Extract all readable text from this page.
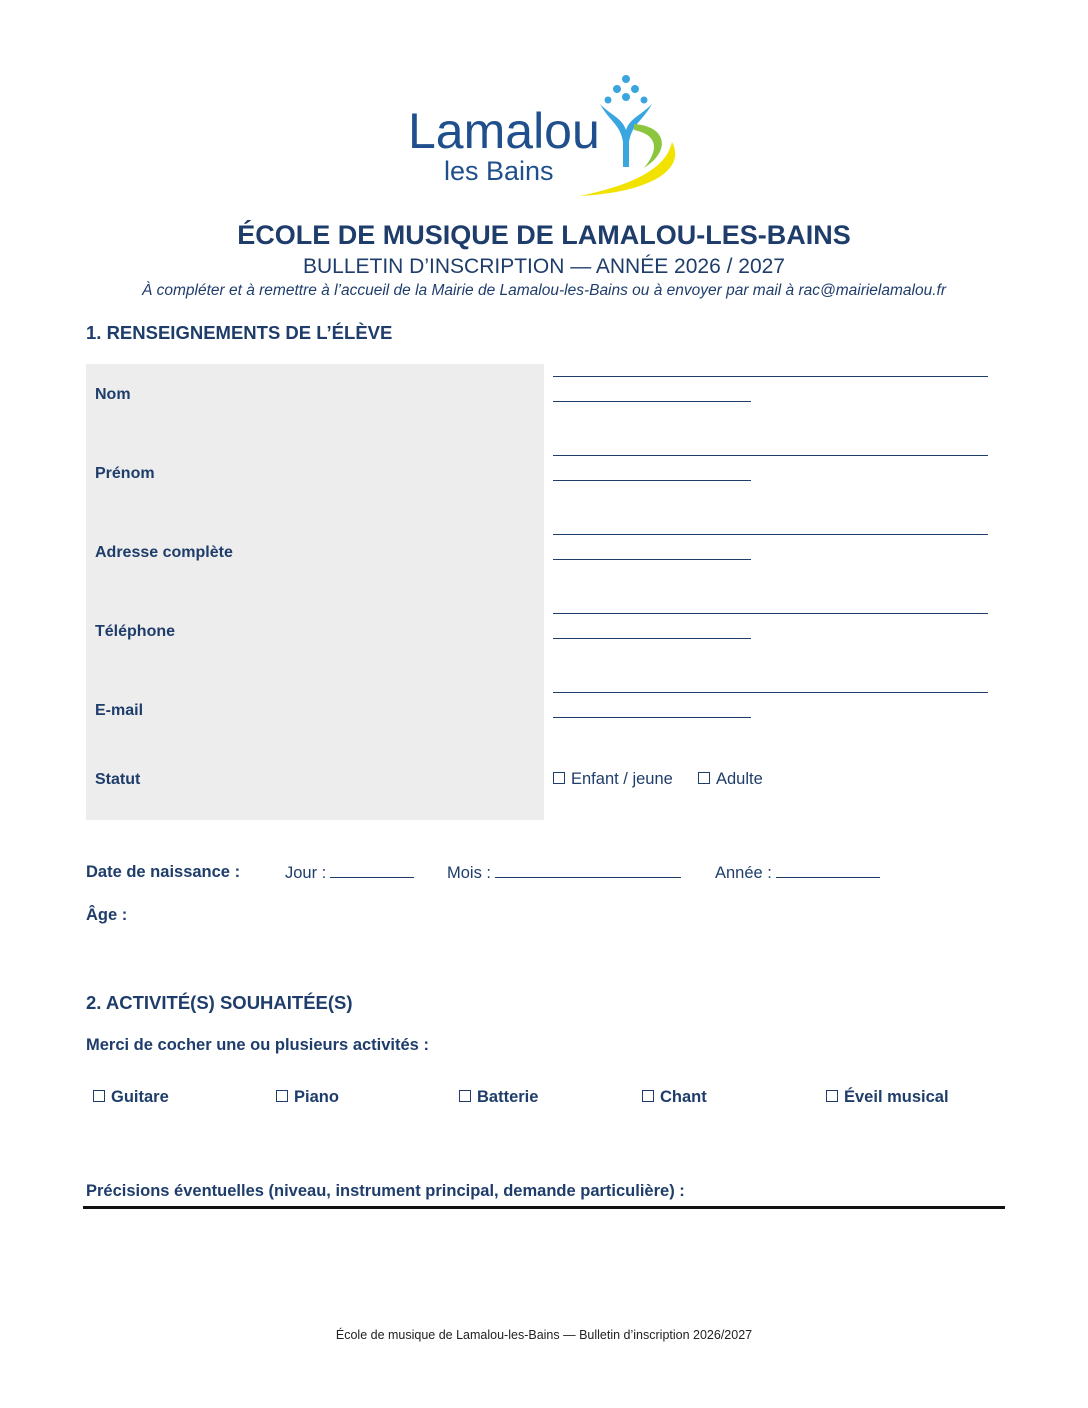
Lamalou
les Bains
ÉCOLE DE MUSIQUE DE LAMALOU-LES-BAINS
BULLETIN D’INSCRIPTION — ANNÉE 2026 / 2027
À compléter et à remettre à l’accueil de la Mairie de Lamalou-les-Bains ou à envoyer par mail à rac@mairielamalou.fr
1. RENSEIGNEMENTS DE L’ÉLÈVE
Nom
Prénom
Adresse complète
Téléphone
E-mail
Statut	Enfant / jeune	Adulte
Date de naissance :	Jour :	Mois :	Année :
Âge :
2. ACTIVITÉ(S) SOUHAITÉE(S)
Merci de cocher une ou plusieurs activités :
Guitare	Piano	Batterie	Chant	Éveil musical
Précisions éventuelles (niveau, instrument principal, demande particulière) :
École de musique de Lamalou-les-Bains — Bulletin d’inscription 2026/2027
